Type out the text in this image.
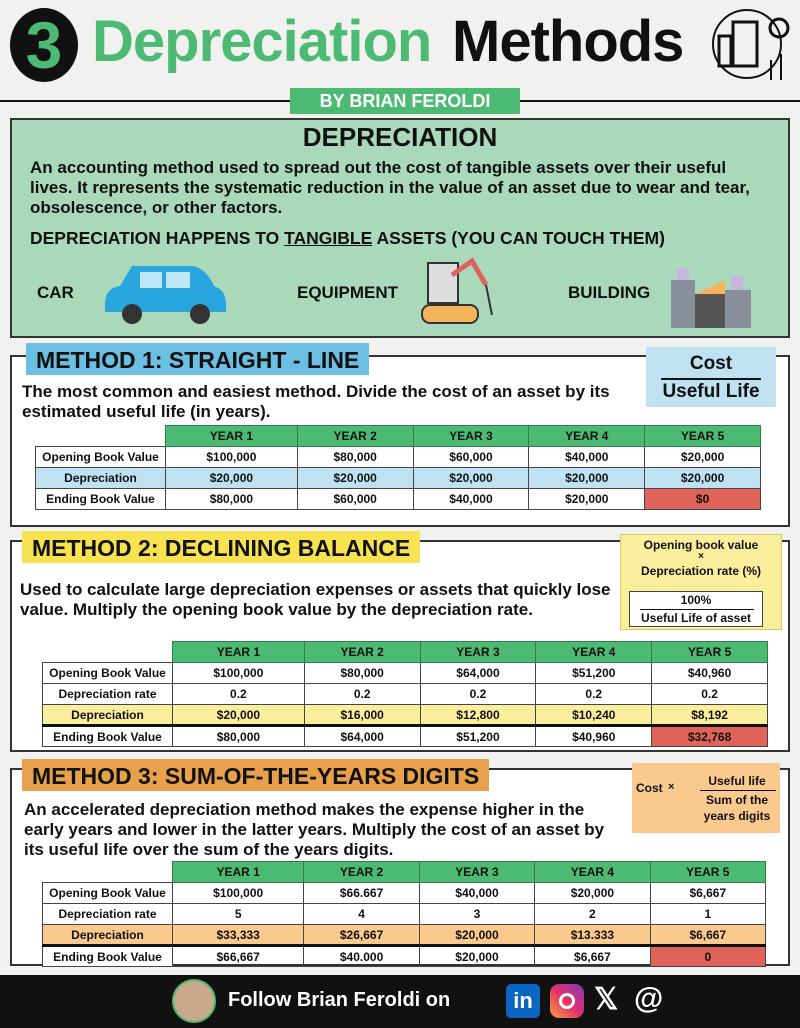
3 Depreciation Methods
BY BRIAN FEROLDI
DEPRECIATION
An accounting method used to spread out the cost of tangible assets over their useful lives. It represents the systematic reduction in the value of an asset due to wear and tear, obsolescence, or other factors.
DEPRECIATION HAPPENS TO TANGIBLE ASSETS (YOU CAN TOUCH THEM)
CAR	EQUIPMENT	BUILDING
METHOD 1: STRAIGHT - LINE	Cost
Useful Life
The most common and easiest method. Divide the cost of an asset by its estimated useful life (in years).
	YEAR 1	YEAR 2	YEAR 3	YEAR 4	YEAR 5
Opening Book Value	$100,000	$80,000	$60,000	$40,000	$20,000
Depreciation	$20,000	$20,000	$20,000	$20,000	$20,000
Ending Book Value	$80,000	$60,000	$40,000	$20,000	$0
METHOD 2: DECLINING BALANCE	Opening book value
×
Depreciation rate (%)
100%
Useful Life of asset
Used to calculate large depreciation expenses or assets that quickly lose value. Multiply the opening book value by the depreciation rate.
	YEAR 1	YEAR 2	YEAR 3	YEAR 4	YEAR 5
Opening Book Value	$100,000	$80,000	$64,000	$51,200	$40,960
Depreciation rate	0.2	0.2	0.2	0.2	0.2
Depreciation	$20,000	$16,000	$12,800	$10,240	$8,192
Ending Book Value	$80,000	$64,000	$51,200	$40,960	$32,768
METHOD 3: SUM-OF-THE-YEARS DIGITS	Cost ×	Useful life
Sum of the years digits
An accelerated depreciation method makes the expense higher in the early years and lower in the latter years. Multiply the cost of an asset by its useful life over the sum of the years digits.
	YEAR 1	YEAR 2	YEAR 3	YEAR 4	YEAR 5
Opening Book Value	$100,000	$66.667	$40,000	$20,000	$6,667
Depreciation rate	5	4	3	2	1
Depreciation	$33,333	$26,667	$20,000	$13.333	$6,667
Ending Book Value	$66,667	$40.000	$20,000	$6,667	0
Follow Brian Feroldi on	in 𝕏 @
